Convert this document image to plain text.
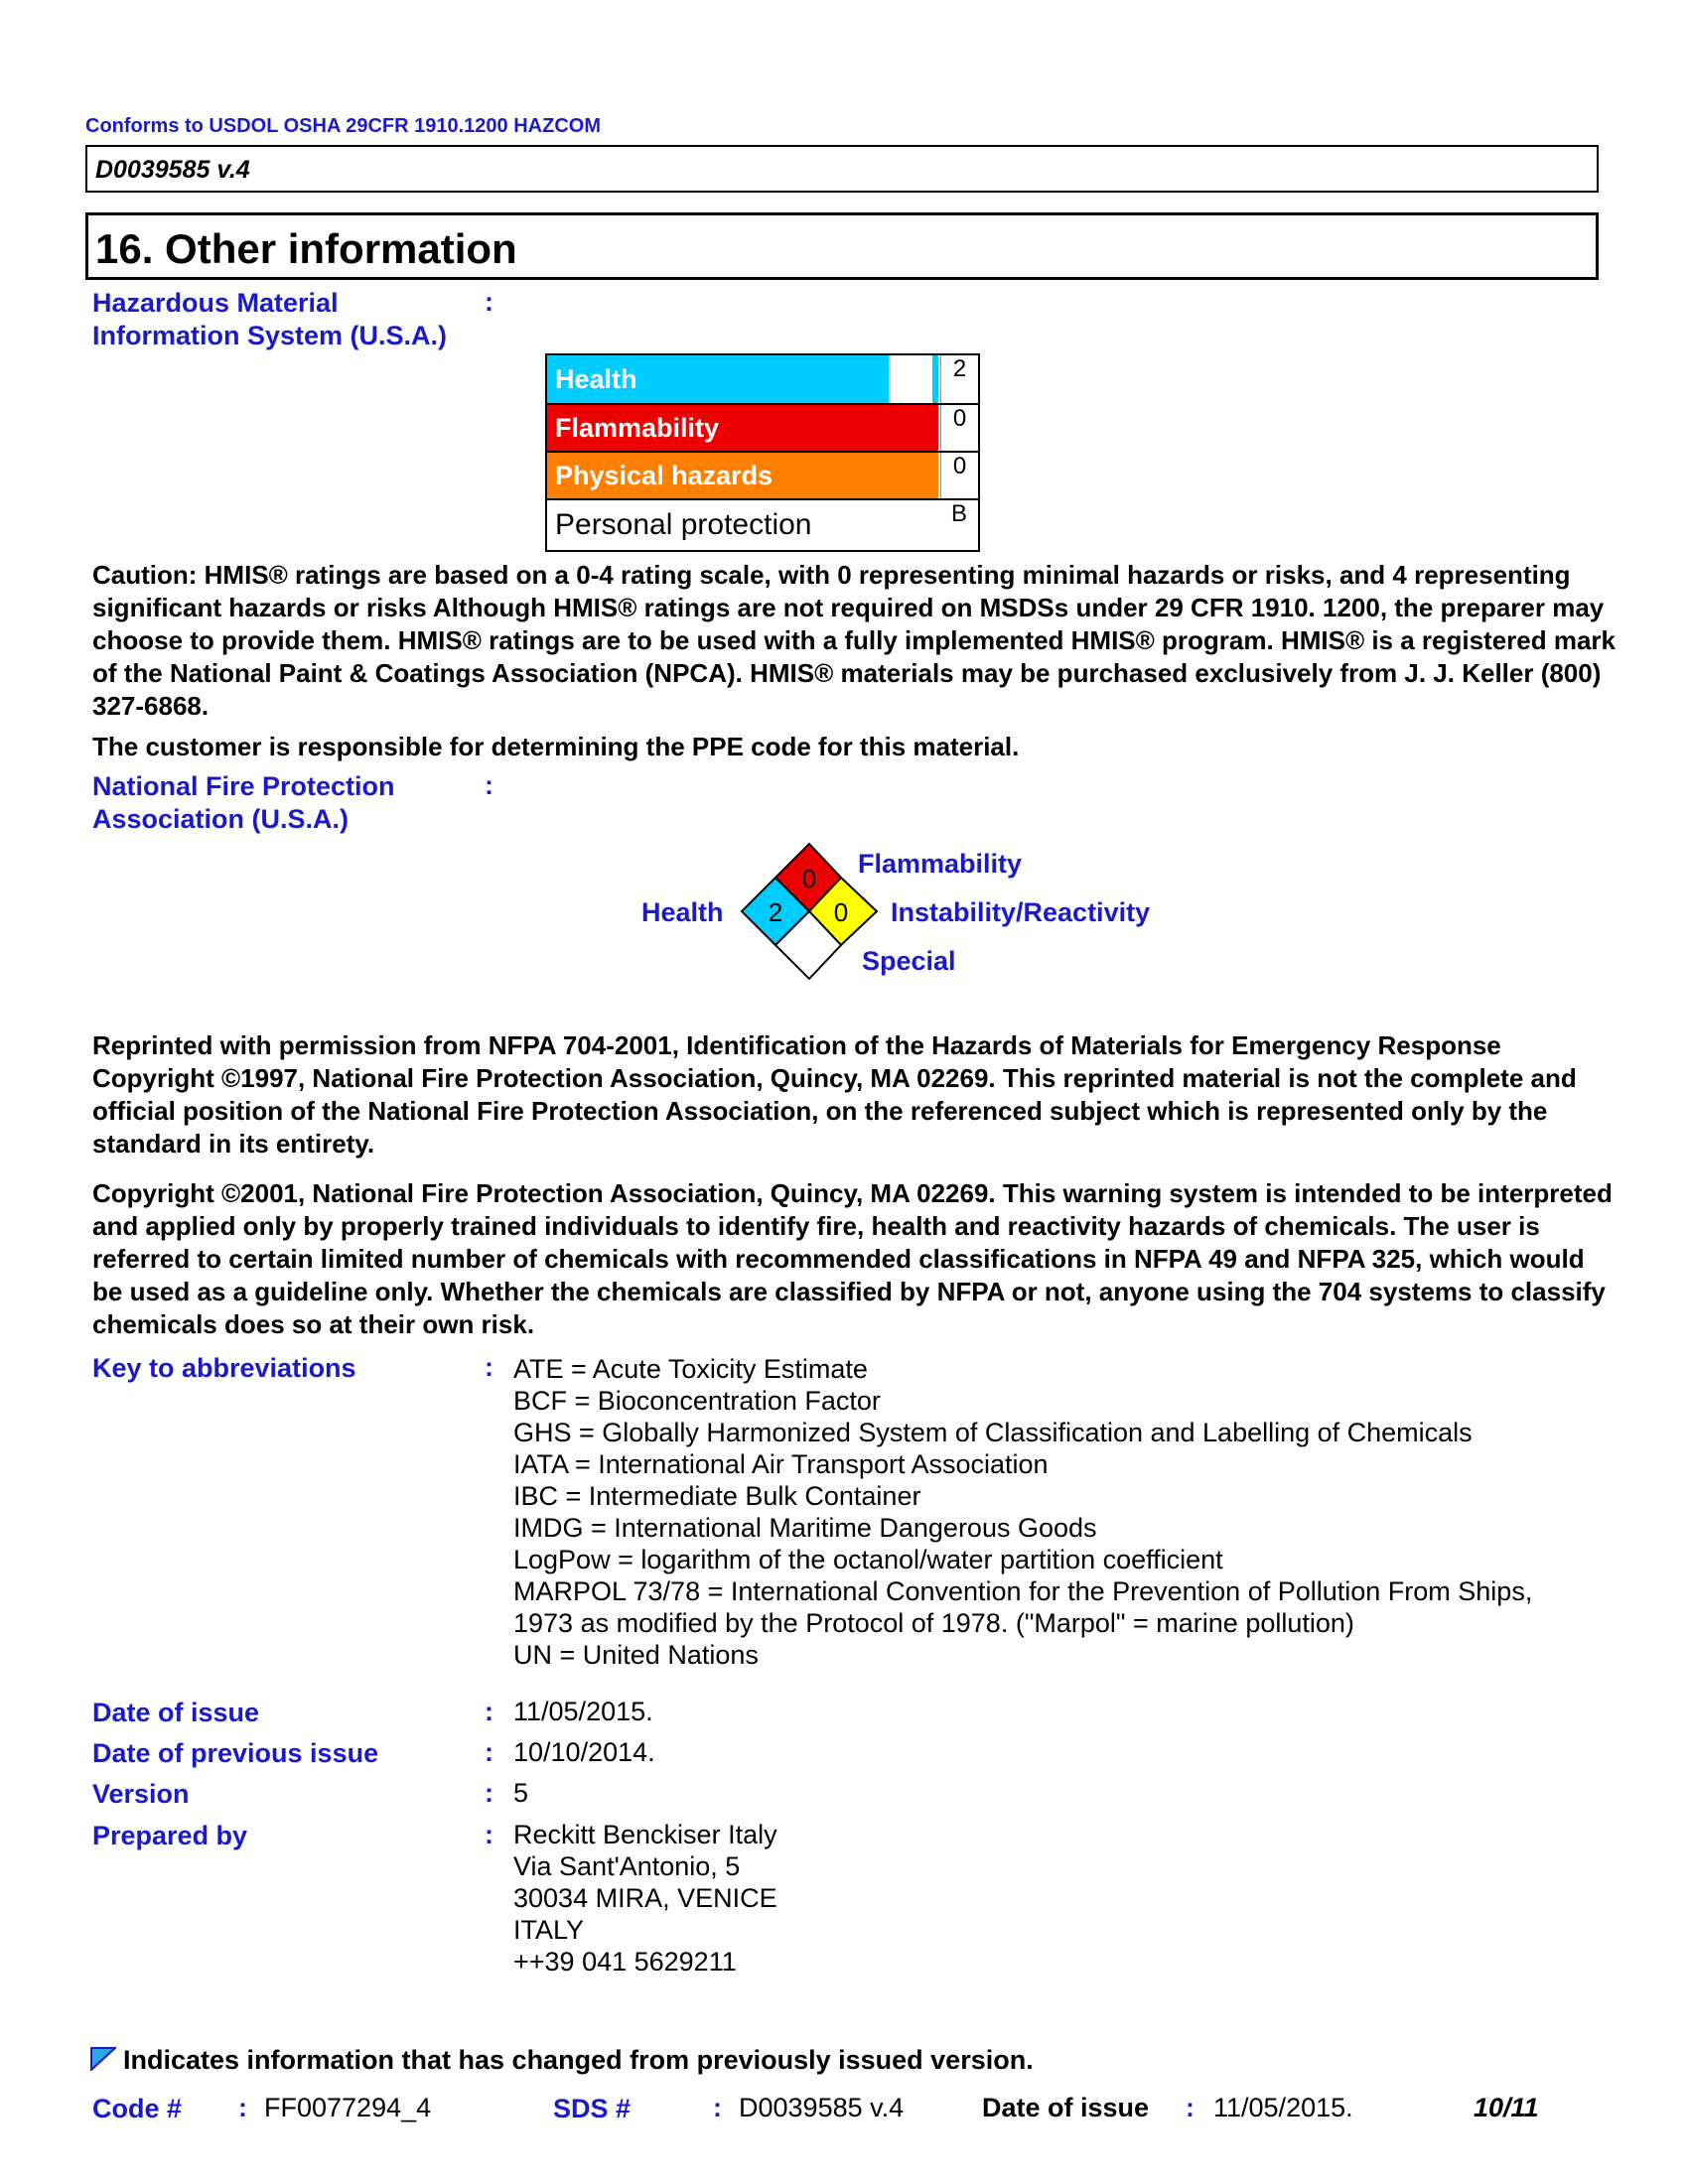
Conforms to USDOL OSHA 29CFR 1910.1200 HAZCOM
D0039585 v.4
16. Other information
Hazardous Material
Information System (U.S.A.)
:
Health	2
Flammability	0
Physical hazards	0
Personal protection	B
Caution: HMIS® ratings are based on a 0-4 rating scale, with 0 representing minimal hazards or risks, and 4 representing significant hazards or risks Although HMIS® ratings are not required on MSDSs under 29 CFR 1910. 1200, the preparer may choose to provide them. HMIS® ratings are to be used with a fully implemented HMIS® program. HMIS® is a registered mark of the National Paint & Coatings Association (NPCA). HMIS® materials may be purchased exclusively from J. J. Keller (800) 327-6868.
The customer is responsible for determining the PPE code for this material.
National Fire Protection
Association (U.S.A.)
:
0
2 0
Flammability
Health	Instability/Reactivity
Special
Reprinted with permission from NFPA 704-2001, Identification of the Hazards of Materials for Emergency Response Copyright ©1997, National Fire Protection Association, Quincy, MA 02269. This reprinted material is not the complete and official position of the National Fire Protection Association, on the referenced subject which is represented only by the standard in its entirety.
Copyright ©2001, National Fire Protection Association, Quincy, MA 02269. This warning system is intended to be interpreted and applied only by properly trained individuals to identify fire, health and reactivity hazards of chemicals. The user is referred to certain limited number of chemicals with recommended classifications in NFPA 49 and NFPA 325, which would be used as a guideline only. Whether the chemicals are classified by NFPA or not, anyone using the 704 systems to classify chemicals does so at their own risk.
Key to abbreviations	: ATE = Acute Toxicity Estimate
BCF = Bioconcentration Factor
GHS = Globally Harmonized System of Classification and Labelling of Chemicals
IATA = International Air Transport Association
IBC = Intermediate Bulk Container
IMDG = International Maritime Dangerous Goods
LogPow = logarithm of the octanol/water partition coefficient
MARPOL 73/78 = International Convention for the Prevention of Pollution From Ships,
1973 as modified by the Protocol of 1978. ("Marpol" = marine pollution)
UN = United Nations
Date of issue	: 11/05/2015.
Date of previous issue	: 10/10/2014.
Version	: 5
Prepared by	: Reckitt Benckiser Italy
Via Sant'Antonio, 5
30034 MIRA, VENICE
ITALY
++39 041 5629211
Indicates information that has changed from previously issued version.
Code # : FF0077294_4	SDS #	: D0039585 v.4	Date of issue : 11/05/2015.	10/11
